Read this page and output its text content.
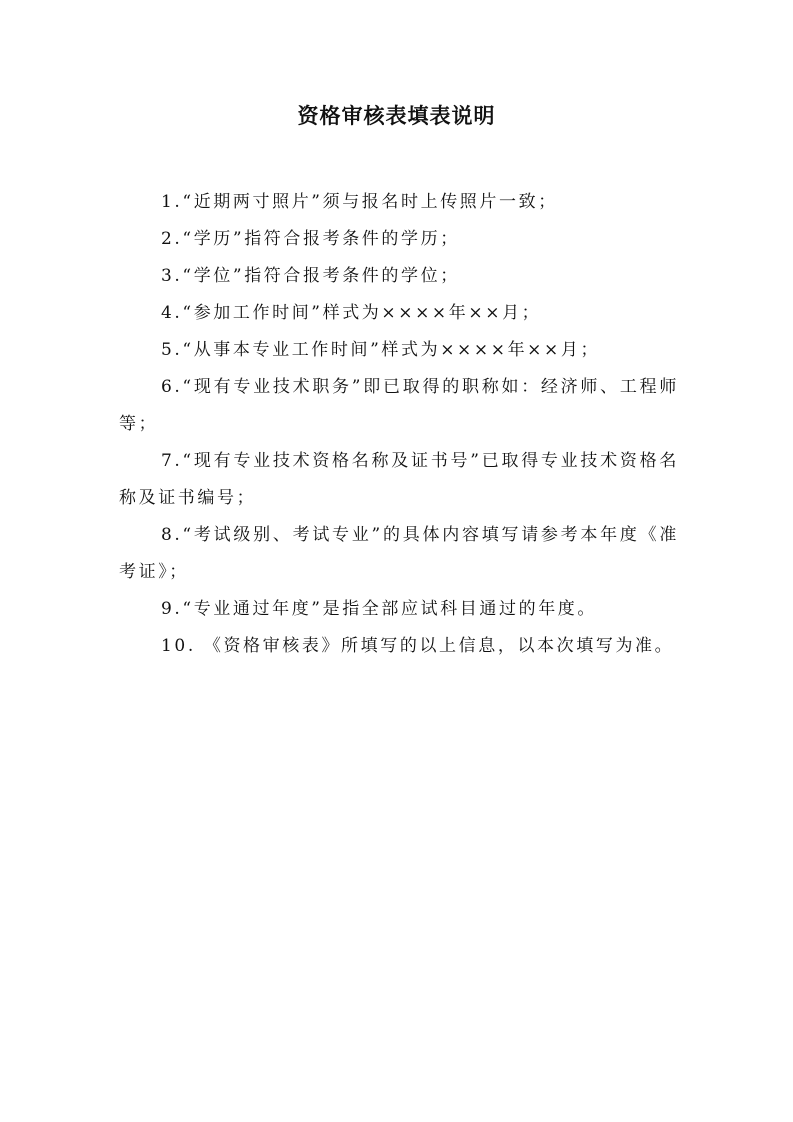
资格审核表填表说明

1.“近期两寸照片”须与报名时上传照片一致；

2.“学历”指符合报考条件的学历；

3.“学位”指符合报考条件的学位；

4.“参加工作时间”样式为××××年××月；

5.“从事本专业工作时间”样式为××××年××月；

6.“现有专业技术职务”即已取得的职称如：经济师、工程师等；

7.“现有专业技术资格名称及证书号”已取得专业技术资格名称及证书编号；

8.“考试级别、考试专业”的具体内容填写请参考本年度《准考证》；

9.“专业通过年度”是指全部应试科目通过的年度。

10. 《资格审核表》所填写的以上信息，以本次填写为准。
